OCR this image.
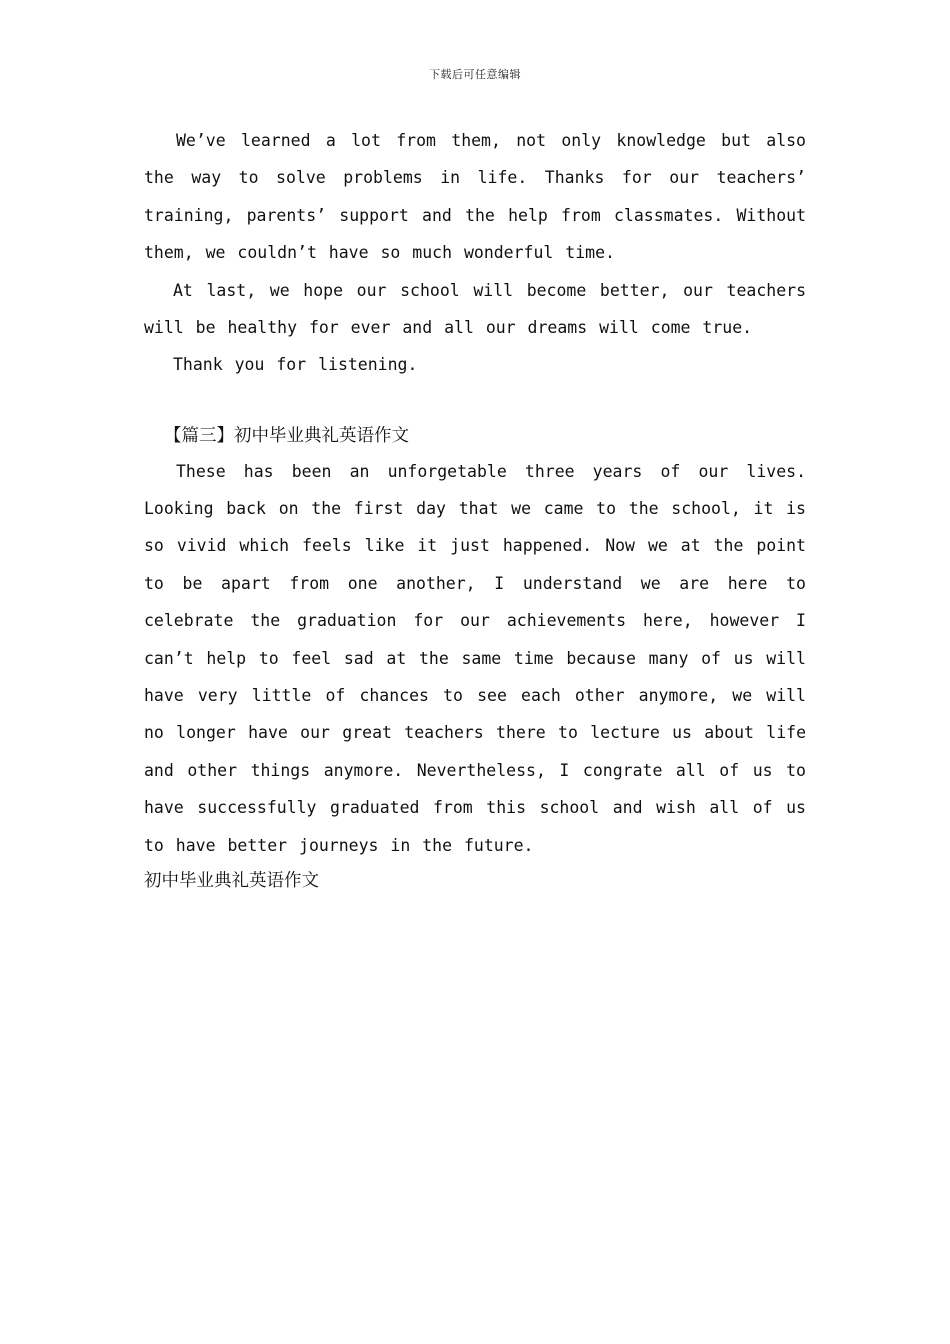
下载后可任意编辑

We’ve learned a lot from them, not only knowledge but also the way to solve problems in life. Thanks for our teachers’ training, parents’ support and the help from classmates. Without them, we couldn’t have so much wonderful time.

At last, we hope our school will become better, our teachers will be healthy for ever and all our dreams will come true.

Thank you for listening.

【篇三】初中毕业典礼英语作文

These has been an unforgetable three years of our lives. Looking back on the first day that we came to the school, it is so vivid which feels like it just happened. Now we at the point to be apart from one another, I understand we are here to celebrate the graduation for our achievements here, however I can’t help to feel sad at the same time because many of us will have very little of chances to see each other anymore, we will no longer have our great teachers there to lecture us about life and other things anymore. Nevertheless, I congrate all of us to have successfully graduated from this school and wish all of us to have better journeys in the future.

初中毕业典礼英语作文
